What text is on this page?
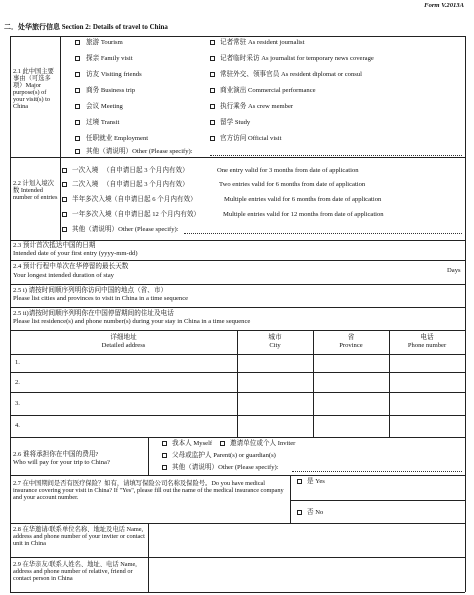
Form V.2013A
二．处华旅行信息 Section 2: Details of travel to China
2.1 此中国主要事由（可选多项）Major purpose(s) of your visit(s) to China
旅游 Tourism
探亲 Family visit
访友 Visiting friends
商务 Business trip
会议 Meeting
过境 Transit
任职就业 Employment
记者常驻 As resident journalist
记者临时采访 As journalist for temporary news coverage
常驻外交、领事官员 As resident diplomat or consul
商业演出 Commercial performance
执行乘务 As crew member
留学 Study
官方访问 Official visit
其他（请说明）Other (Please specify):
2.2 计划入境次数 Intended number of entries
一次入境 （自申请日起 3 个月内有效）	One entry valid for 3 months from date of application
二次入境 （自申请日起 3 个月内有效）	Two entries valid for 6 months from date of application
半年多次入境 （自申请日起 6 个月内有效）	Multiple entries valid for 6 months from date of application
一年多次入境 （自申请日起 12 个月内有效）	Multiple entries valid for 12 months from date of application
其他（请说明）Other (Please specify):
2.3 预计首次抵达中国的日期
Intended date of your first entry (yyyy-mm-dd)
2.4 预计行程中单次在华停留的最长天数
Your longest intended duration of stay
Days
2.5 i) 请按时间顺序列明你访问中国的地点（省、市）
Please list cities and provinces to visit in China in a time sequence
2.5 ii)请按时间顺序列明你在中国停留期间的住址及电话
Please list residence(s) and phone number(s) during your stay in China in a time sequence
详细地址
Detailed address
城市
City
省
Province
电话
Phone number
1.
2.
3.
4.
2.6 谁将承担你在中国的费用?
Who will pay for your trip to China?
我本人 Myself	邀请单位或个人 Inviter
父母或监护人 Parent(s) or guardian(s)
其他（请说明）Other (Please specify):
2.7 在中国期间是否有医疗保险？如有，请填写保险公司名称及保险号。Do you have medical insurance covering your visit in China? If "Yes", please fill out the name of the medical insurance company and your account number.
是 Yes
否 No
2.8 在华邀请/联系单位名称、地址及电话 Name, address and phone number of your inviter or contact unit in China
2.9 在华亲友/联系人姓名、地址、电话 Name, address and phone number of relative, friend or contact person in China
